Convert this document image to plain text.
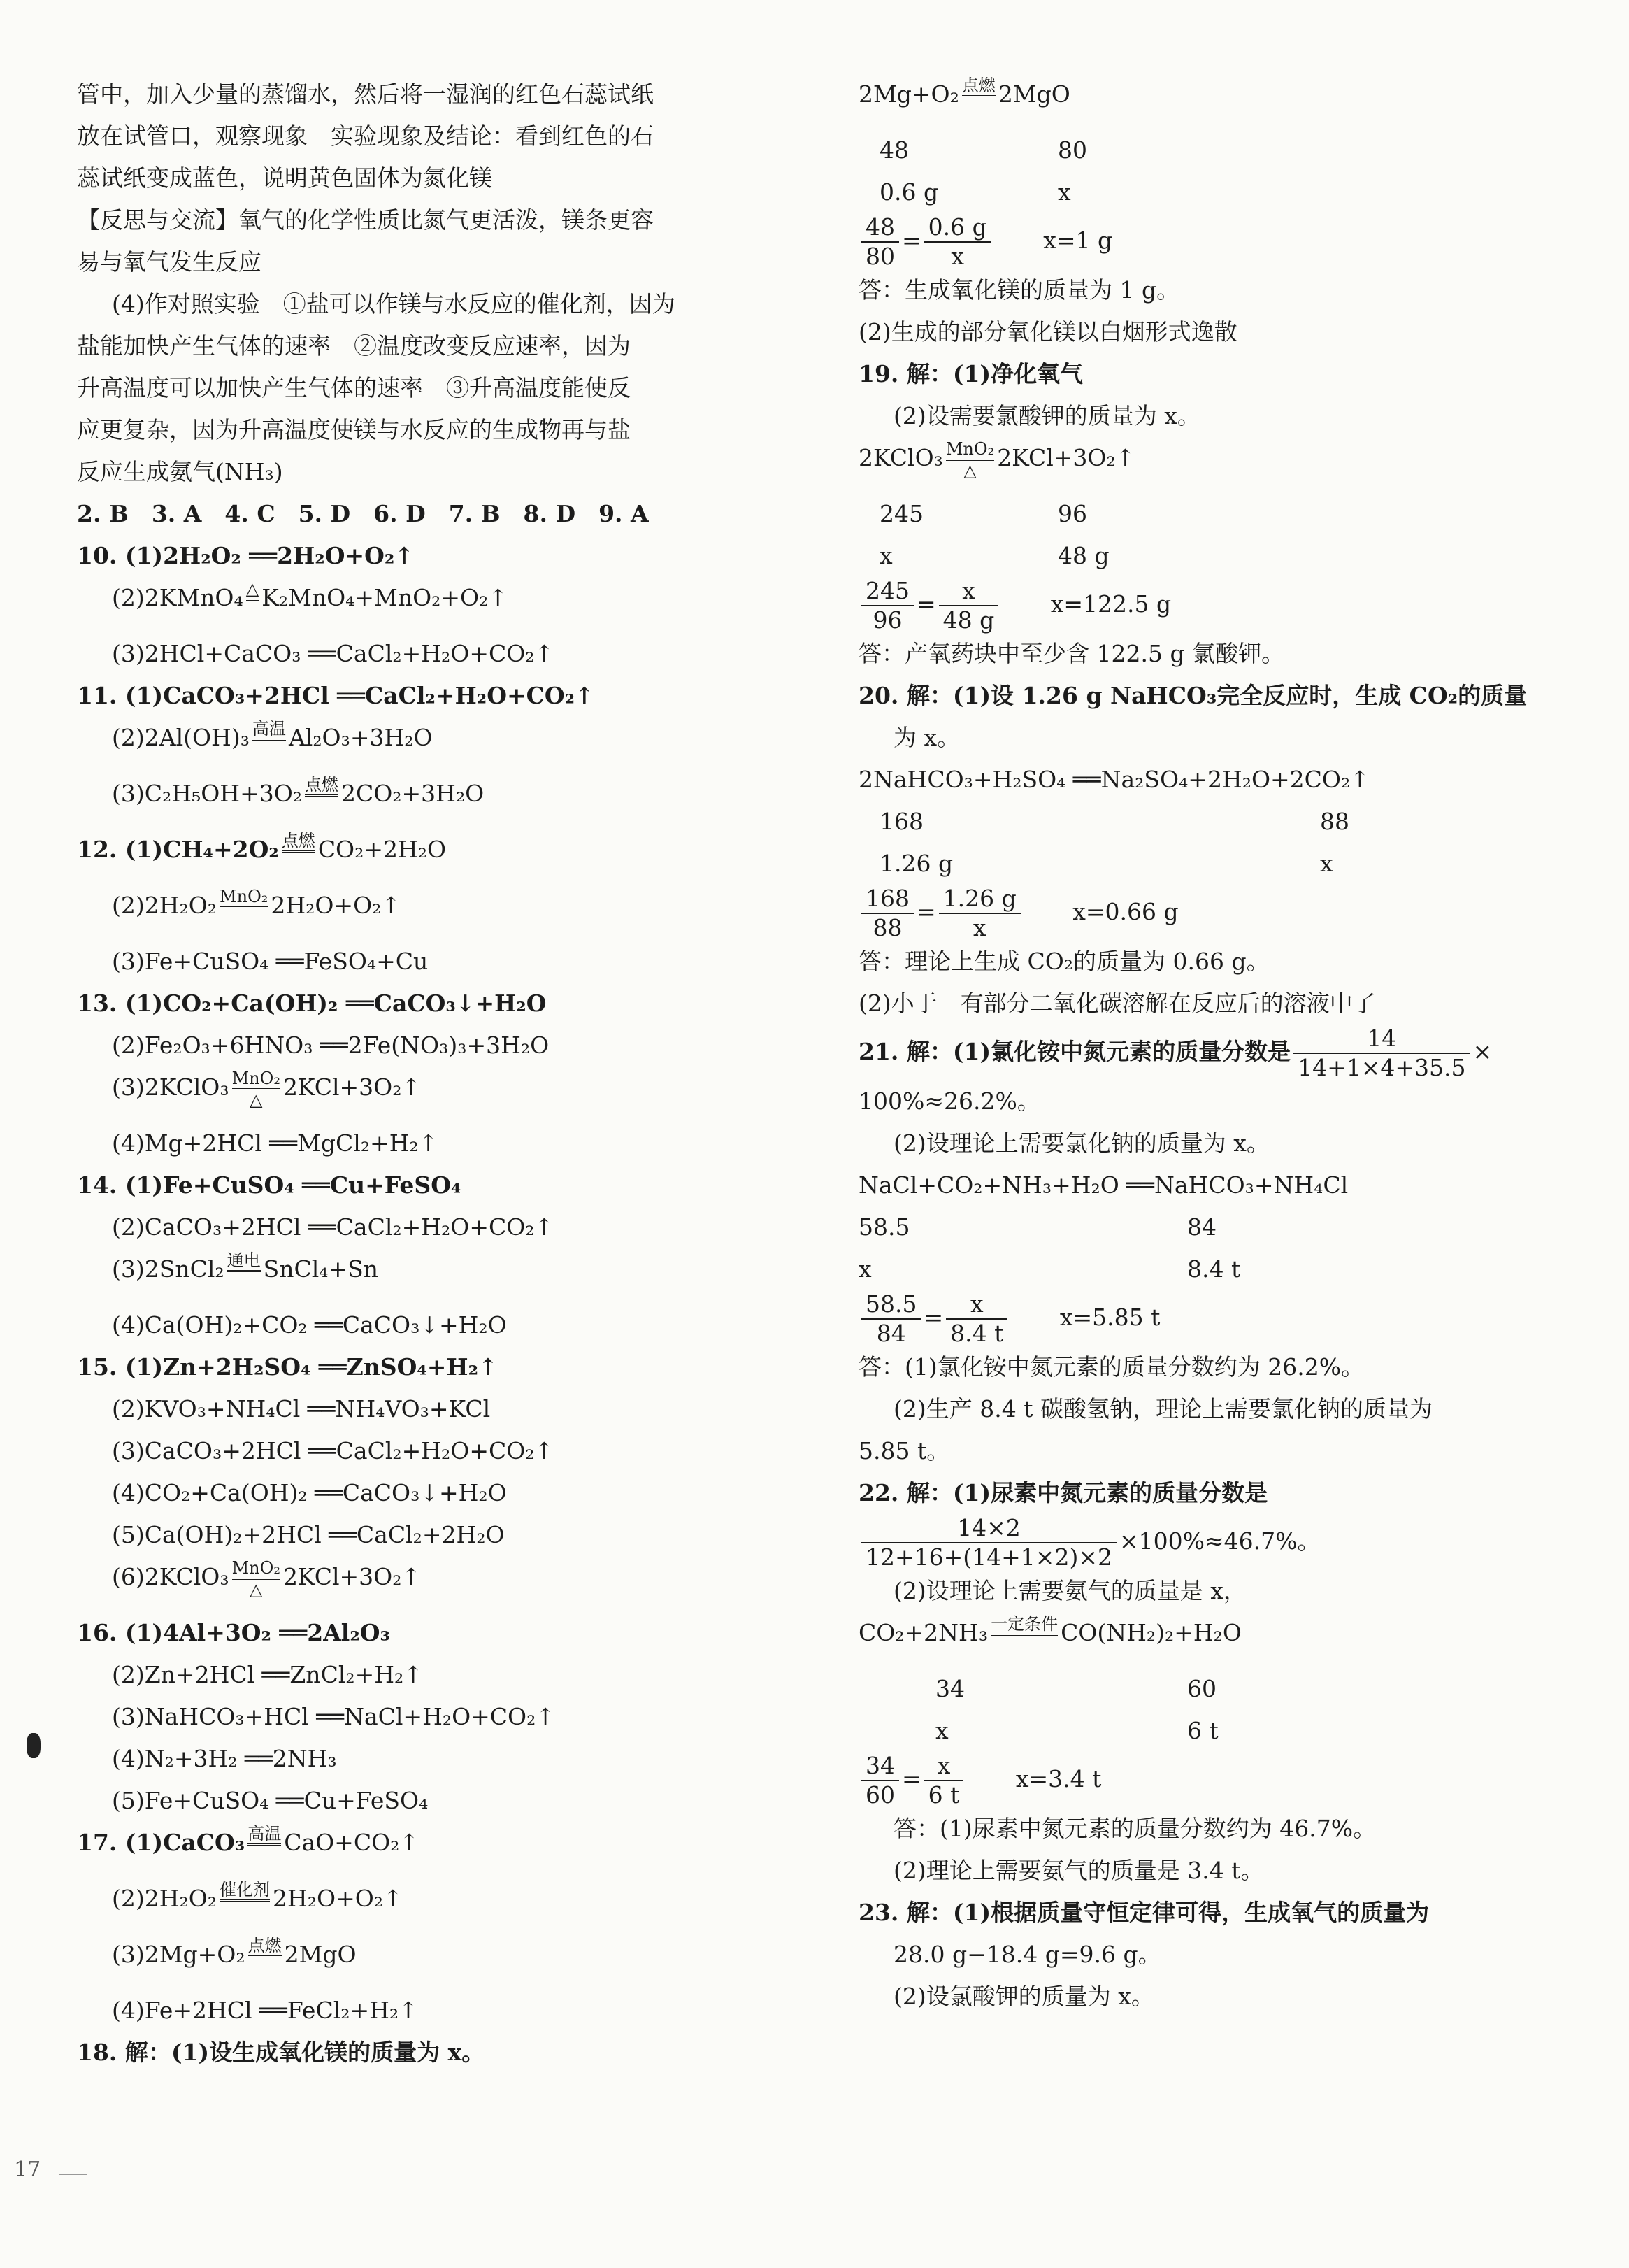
管中，加入少量的蒸馏水，然后将一湿润的红色石蕊试纸
放在试管口，观察现象　实验现象及结论：看到红色的石
蕊试纸变成蓝色，说明黄色固体为氮化镁
【反思与交流】氧气的化学性质比氮气更活泼，镁条更容
易与氧气发生反应
(4)作对照实验　①盐可以作镁与水反应的催化剂，因为
盐能加快产生气体的速率　②温度改变反应速率，因为
升高温度可以加快产生气体的速率　③升高温度能使反
应更复杂，因为升高温度使镁与水反应的生成物再与盐
反应生成氨气(NH₃)
2. B　3. A　4. C　5. D　6. D　7. B　8. D　9. A
10. (1)2H₂O₂ ══2H₂O+O₂↑
(2)2KMnO₄ △ K₂MnO₄+MnO₂+O₂↑
(3)2HCl+CaCO₃ ══CaCl₂+H₂O+CO₂↑
11. (1)CaCO₃+2HCl ══CaCl₂+H₂O+CO₂↑
(2)2Al(OH)₃ 高温 Al₂O₃+3H₂O
(3)C₂H₅OH+3O₂ 点燃 2CO₂+3H₂O
12. (1)CH₄+2O₂ 点燃 CO₂+2H₂O
(2)2H₂O₂ MnO₂ 2H₂O+O₂↑
(3)Fe+CuSO₄ ══FeSO₄+Cu
13. (1)CO₂+Ca(OH)₂ ══CaCO₃↓+H₂O
(2)Fe₂O₃+6HNO₃ ══2Fe(NO₃)₃+3H₂O
(3)2KClO₃ MnO₂
△ 2KCl+3O₂↑
(4)Mg+2HCl ══MgCl₂+H₂↑
14. (1)Fe+CuSO₄ ══Cu+FeSO₄
(2)CaCO₃+2HCl ══CaCl₂+H₂O+CO₂↑
(3)2SnCl₂ 通电 SnCl₄+Sn
(4)Ca(OH)₂+CO₂ ══CaCO₃↓+H₂O
15. (1)Zn+2H₂SO₄ ══ZnSO₄+H₂↑
(2)KVO₃+NH₄Cl ══NH₄VO₃+KCl
(3)CaCO₃+2HCl ══CaCl₂+H₂O+CO₂↑
(4)CO₂+Ca(OH)₂ ══CaCO₃↓+H₂O
(5)Ca(OH)₂+2HCl ══CaCl₂+2H₂O
(6)2KClO₃ MnO₂
△ 2KCl+3O₂↑
16. (1)4Al+3O₂ ══2Al₂O₃
(2)Zn+2HCl ══ZnCl₂+H₂↑
(3)NaHCO₃+HCl ══NaCl+H₂O+CO₂↑
(4)N₂+3H₂ ══2NH₃
(5)Fe+CuSO₄ ══Cu+FeSO₄
17. (1)CaCO₃ 高温 CaO+CO₂↑
(2)2H₂O₂ 催化剂 2H₂O+O₂↑
(3)2Mg+O₂ 点燃 2MgO
(4)Fe+2HCl ══FeCl₂+H₂↑
18. 解：(1)设生成氧化镁的质量为 x。
2Mg+O₂ 点燃 2MgO
48	80
0.6 g	x
$\frac{48}{80} = \frac{0.6 g}{x} x=1$ g
答：生成氧化镁的质量为 1 g。
(2)生成的部分氧化镁以白烟形式逸散
19. 解：(1)净化氧气
(2)设需要氯酸钾的质量为 x。
2KClO₃ MnO₂
△ 2KCl+3O₂↑
245	96
x	48 g
$\frac{245}{96} = \frac{x}{48 g} x=122.5$ g
答：产氧药块中至少含 122.5 g 氯酸钾。
20. 解：(1)设 1.26 g NaHCO₃完全反应时，生成 CO₂的质量
为 x。
2NaHCO₃+H₂SO₄ ══Na₂SO₄+2H₂O+2CO₂↑
168	88
1.26 g	x
$\frac{168}{88} = \frac{1.26 g}{x} x=0.66$ g
答：理论上生成 CO₂的质量为 0.66 g。
(2)小于　有部分二氧化碳溶解在反应后的溶液中了
21. 解：(1)氯化铵中氮元素的质量分数是 $\frac{14}{14+1\times 4+35.5}$ ×
100%≈26.2%。
(2)设理论上需要氯化钠的质量为 x。
NaCl+CO₂+NH₃+H₂O ══NaHCO₃+NH₄Cl
58.5	84
x	8.4 t
$\frac{58.5}{84} = \frac{x}{8.4 t} x=5.85$ t
答：(1)氯化铵中氮元素的质量分数约为 26.2%。
(2)生产 8.4 t 碳酸氢钠，理论上需要氯化钠的质量为
5.85 t。
22. 解：(1)尿素中氮元素的质量分数是
$\frac{14\times 2}{12+16+(14+1\times 2)\times 2} \times 100\%\approx 46.7\%$。
(2)设理论上需要氨气的质量是 x，
CO₂+2NH₃ 一定条件 CO(NH₂)₂+H₂O
34	60
x	6 t
$\frac{34}{60} = \frac{x}{6 t} x=3.4$ t
答：(1)尿素中氮元素的质量分数约为 46.7%。
(2)理论上需要氨气的质量是 3.4 t。
23. 解：(1)根据质量守恒定律可得，生成氧气的质量为
28.0 g−18.4 g=9.6 g。
(2)设氯酸钾的质量为 x。
17
